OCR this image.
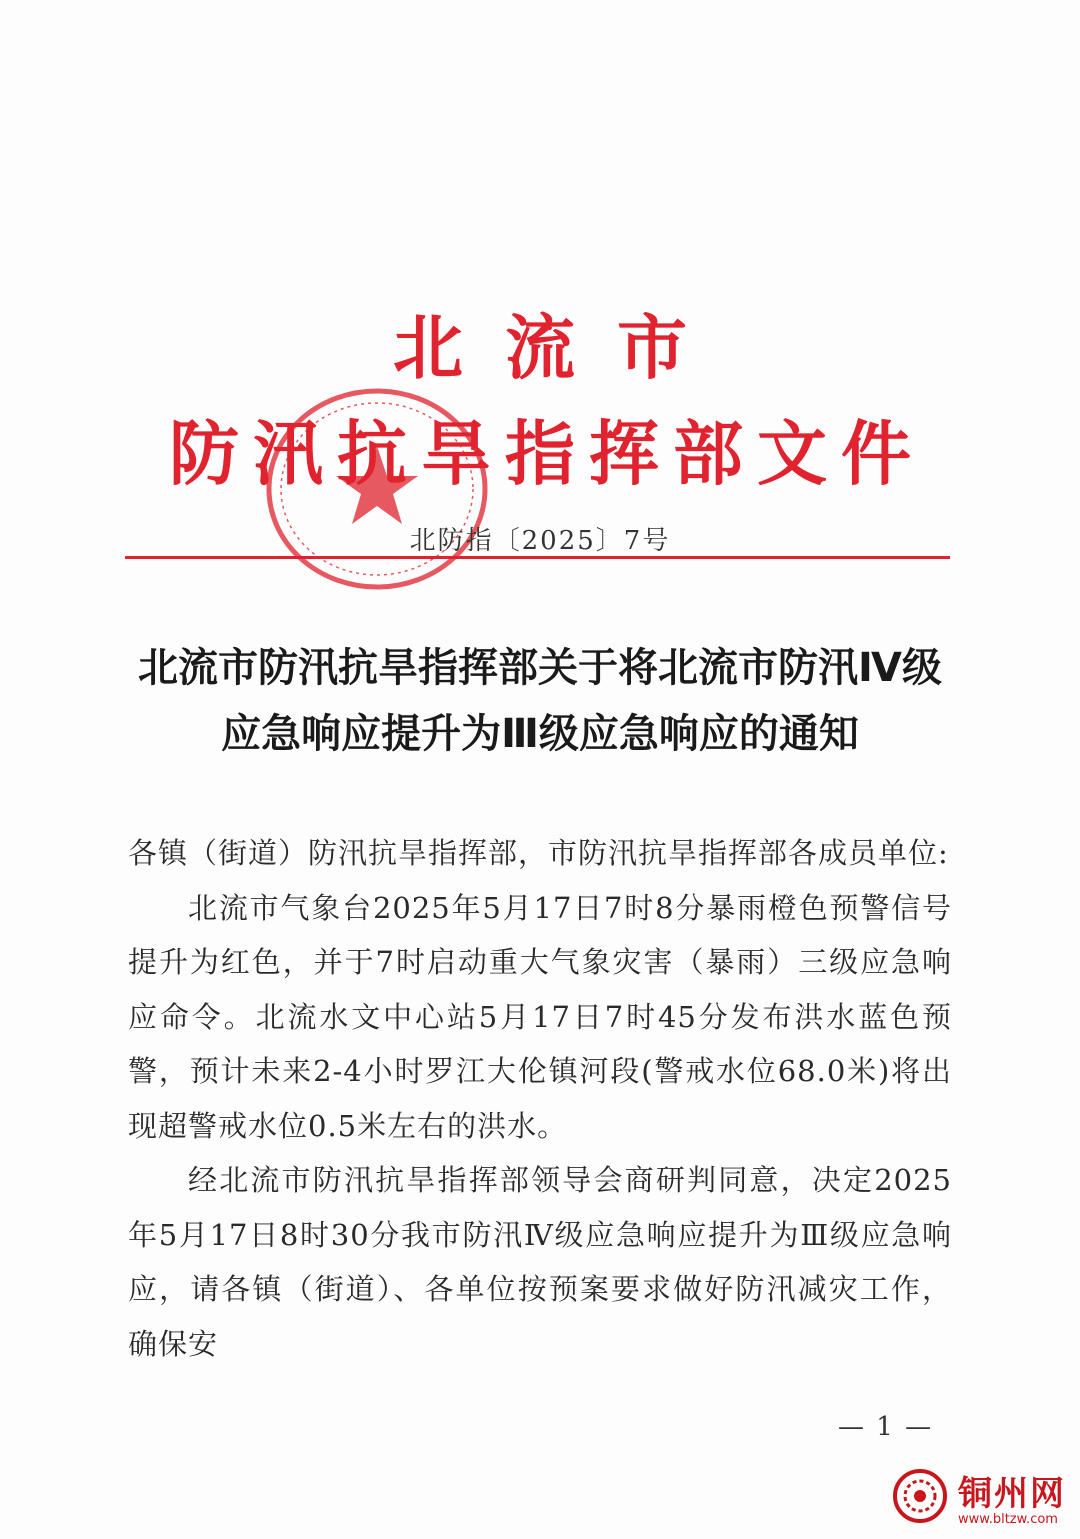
北流市
防汛抗旱指挥部文件
北防指〔2025〕7号
北流市防汛抗旱指挥部关于将北流市防汛Ⅳ级
应急响应提升为Ⅲ级应急响应的通知

各镇（街道）防汛抗旱指挥部，市防汛抗旱指挥部各成员单位:

北流市气象台2025年5月17日7时8分暴雨橙色预警信号提升为红色，并于7时启动重大气象灾害（暴雨）三级应急响应命令。北流水文中心站5月17日7时45分发布洪水蓝色预警，预计未来2-4小时罗江大伦镇河段(警戒水位68.0米)将出现超警戒水位0.5米左右的洪水。

经北流市防汛抗旱指挥部领导会商研判同意，决定2025年5月17日8时30分我市防汛Ⅳ级应急响应提升为Ⅲ级应急响应，请各镇（街道）、各单位按预案要求做好防汛减灾工作，确保安

— 1 —
铜州网
www.bltzw.com
